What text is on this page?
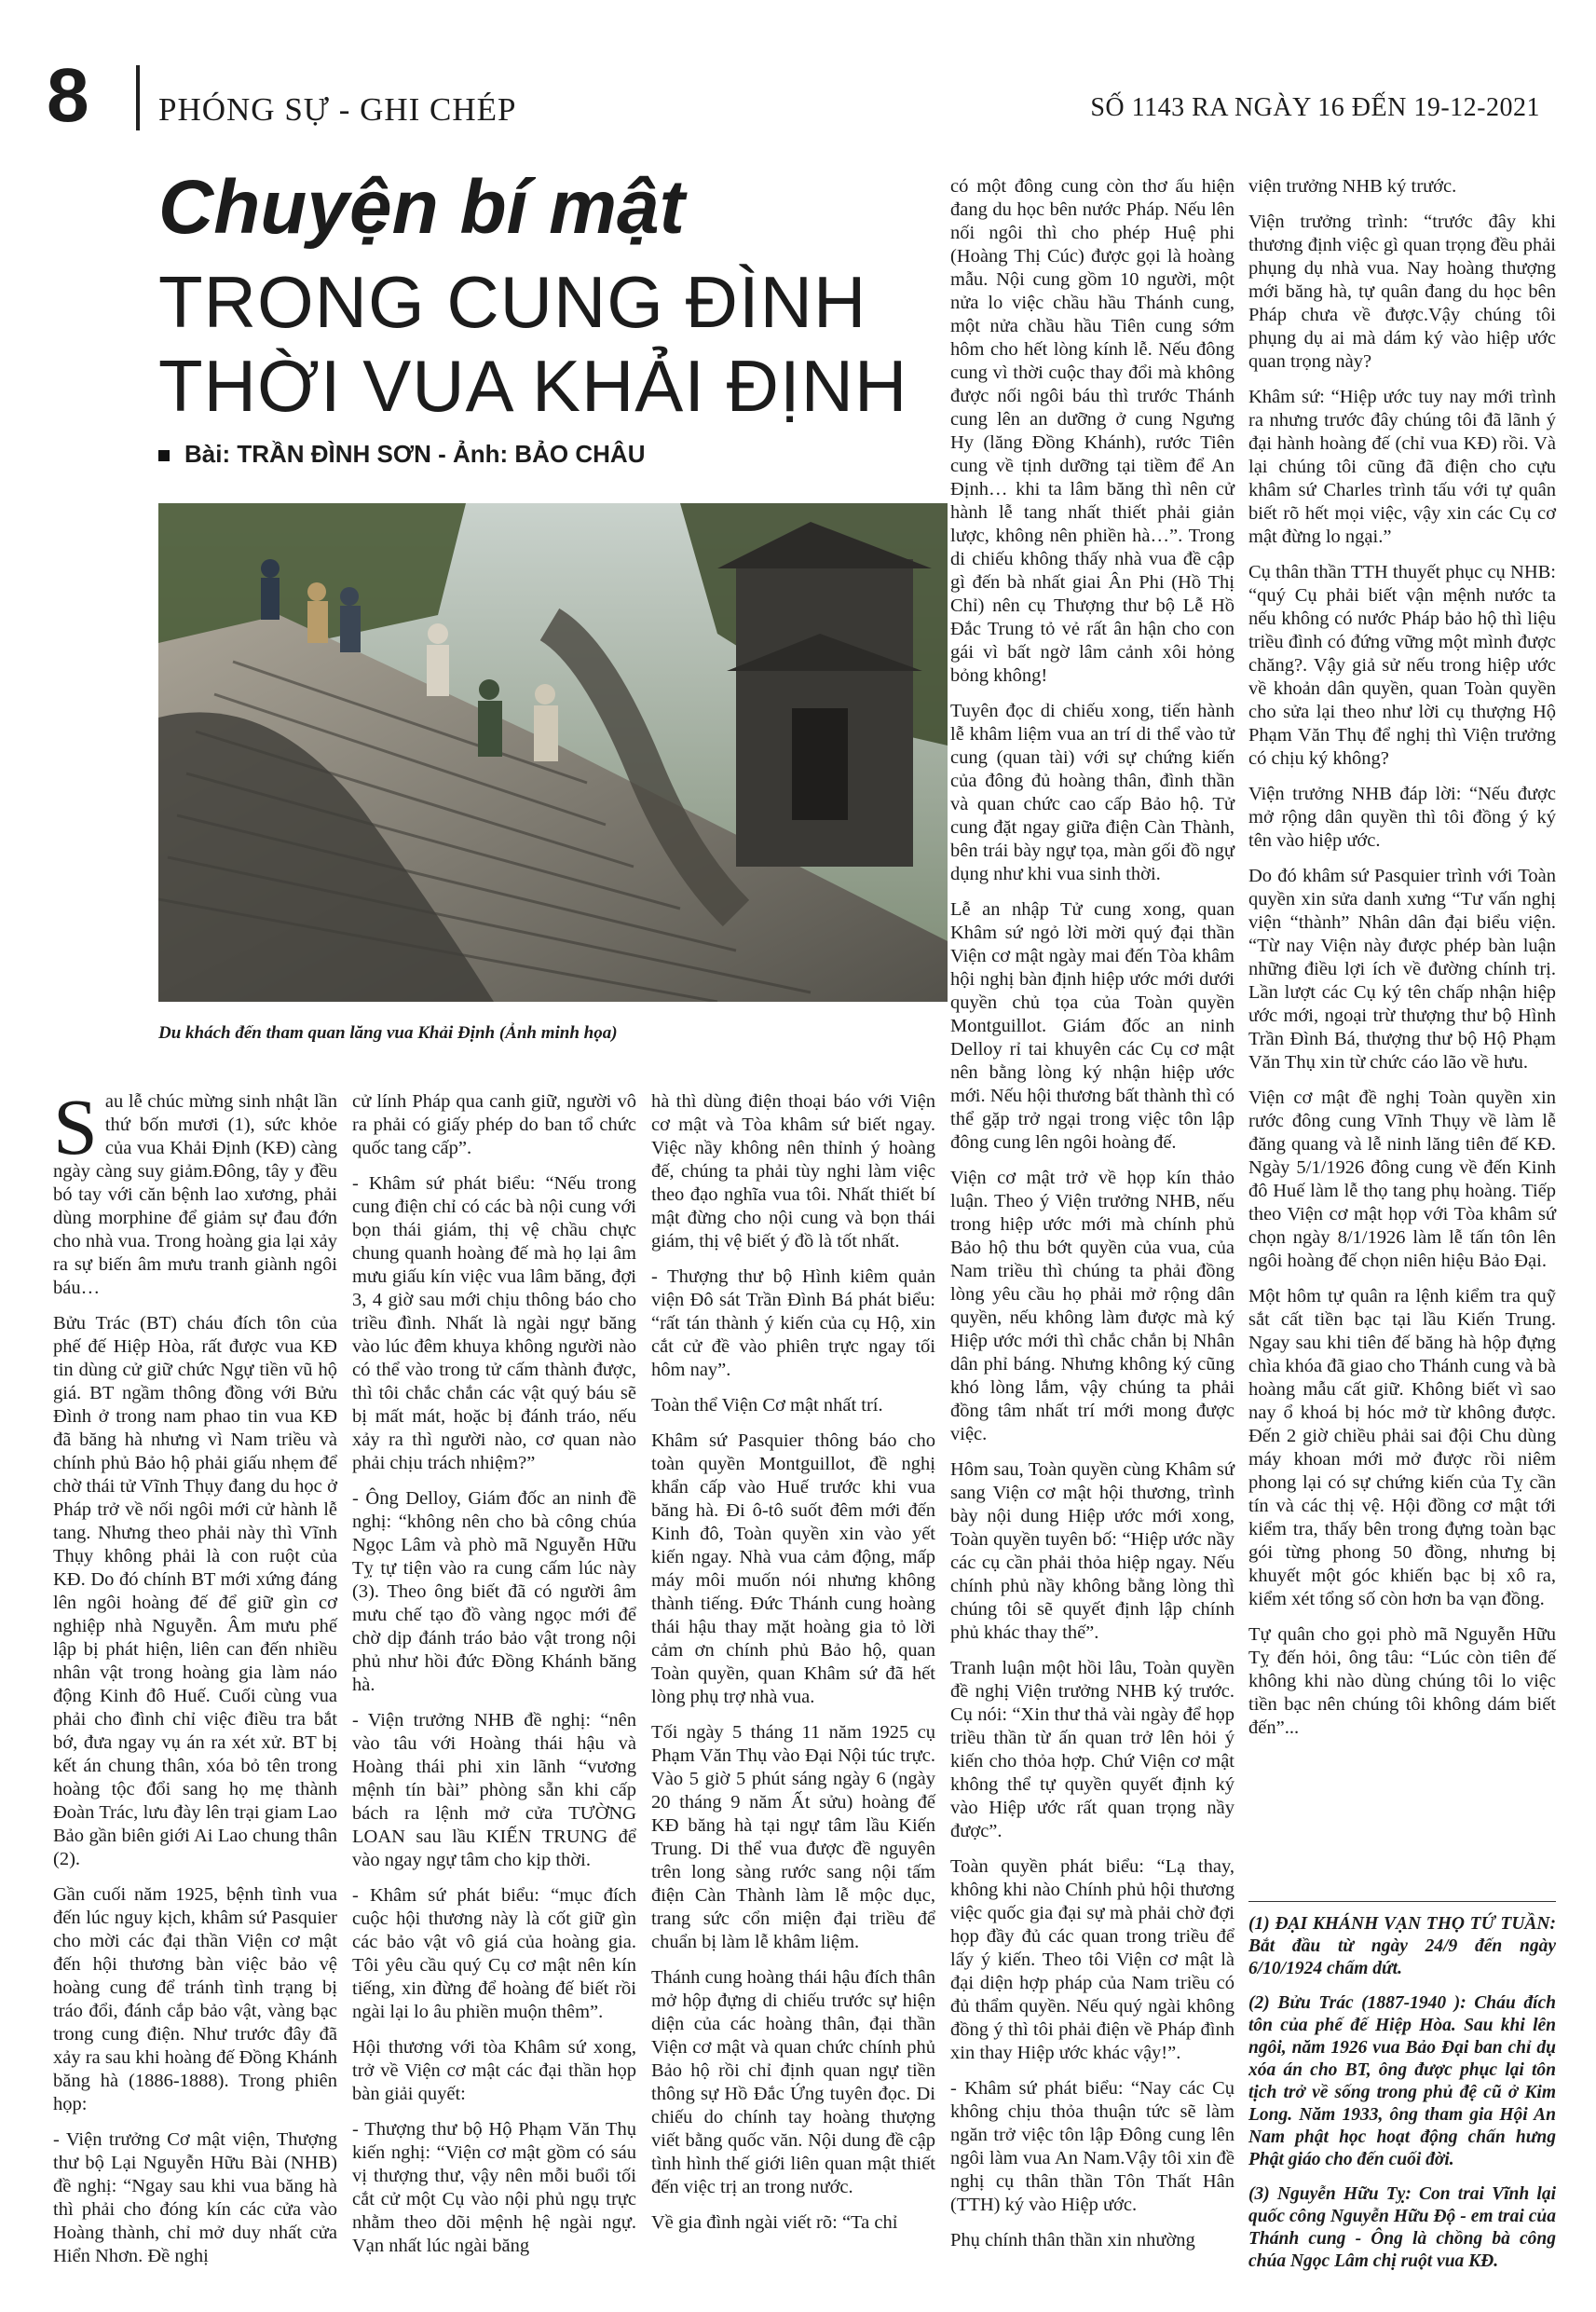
8 PHÓNG SỰ - GHI CHÉP	SỐ 1143 RA NGÀY 16 ĐẾN 19-12-2021
Chuyện bí mật
TRONG CUNG ĐÌNH
THỜI VUA KHẢI ĐỊNH
Bài: TRẦN ĐÌNH SƠN - Ảnh: BẢO CHÂU
Du khách đến tham quan lăng vua Khải Định (Ảnh minh họa)

Sau lễ chúc mừng sinh nhật lần thứ bốn mươi (1), sức khỏe của vua Khải Định (KĐ) càng ngày càng suy giảm.Đông, tây y đều bó tay với căn bệnh lao xương, phải dùng morphine để giảm sự đau đớn cho nhà vua. Trong hoàng gia lại xảy ra sự biến âm mưu tranh giành ngôi báu…

Bửu Trác (BT) cháu đích tôn của phế đế Hiệp Hòa, rất được vua KĐ tin dùng cử giữ chức Ngự tiền vũ hộ giá. BT ngầm thông đồng với Bửu Đình ở trong nam phao tin vua KĐ đã băng hà nhưng vì Nam triều và chính phủ Bảo hộ phải giấu nhẹm để chờ thái tử Vĩnh Thụy đang du học ở Pháp trở về nối ngôi mới cử hành lễ tang. Nhưng theo phải này thì Vĩnh Thụy không phải là con ruột của KĐ. Do đó chính BT mới xứng đáng lên ngôi hoàng đế để giữ gìn cơ nghiệp nhà Nguyễn. Âm mưu phế lập bị phát hiện, liên can đến nhiều nhân vật trong hoàng gia làm náo động Kinh đô Huế. Cuối cùng vua phải cho đình chỉ việc điều tra bắt bớ, đưa ngay vụ án ra xét xử. BT bị kết án chung thân, xóa bỏ tên trong hoàng tộc đổi sang họ mẹ thành Đoàn Trác, lưu đày lên trại giam Lao Bảo gần biên giới Ai Lao chung thân (2).

Gần cuối năm 1925, bệnh tình vua đến lúc nguy kịch, khâm sứ Pasquier cho mời các đại thần Viện cơ mật đến hội thương bàn việc bảo vệ hoàng cung để tránh tình trạng bị tráo đổi, đánh cắp bảo vật, vàng bạc trong cung điện. Như trước đây đã xảy ra sau khi hoàng đế Đồng Khánh băng hà (1886-1888). Trong phiên họp:

- Viện trưởng Cơ mật viện, Thượng thư bộ Lại Nguyễn Hữu Bài (NHB) đề nghị: “Ngay sau khi vua băng hà thì phải cho đóng kín các cửa vào Hoàng thành, chỉ mở duy nhất cửa Hiển Nhơn. Đề nghị

cử lính Pháp qua canh giữ, người vô ra phải có giấy phép do ban tổ chức quốc tang cấp”.

- Khâm sứ phát biểu: “Nếu trong cung điện chỉ có các bà nội cung với bọn thái giám, thị vệ chầu chực chung quanh hoàng đế mà họ lại âm mưu giấu kín việc vua lâm băng, đợi 3, 4 giờ sau mới chịu thông báo cho triều đình. Nhất là ngài ngự băng vào lúc đêm khuya không người nào có thể vào trong tử cấm thành được, thì tôi chắc chắn các vật quý báu sẽ bị mất mát, hoặc bị đánh tráo, nếu xảy ra thì người nào, cơ quan nào phải chịu trách nhiệm?”

- Ông Delloy, Giám đốc an ninh đề nghị: “không nên cho bà công chúa Ngọc Lâm và phò mã Nguyễn Hữu Tỵ tự tiện vào ra cung cấm lúc này (3). Theo ông biết đã có người âm mưu chế tạo đồ vàng ngọc mới để chờ dịp đánh tráo bảo vật trong nội phủ như hồi đức Đồng Khánh băng hà.

- Viện trưởng NHB đề nghị: “nên vào tâu với Hoàng thái hậu và Hoàng thái phi xin lãnh “vương mệnh tín bài” phòng sẵn khi cấp bách ra lệnh mở cửa TƯỜNG LOAN sau lầu KIẾN TRUNG để vào ngay ngự tâm cho kịp thời.

- Khâm sứ phát biểu: “mục đích cuộc hội thương này là cốt giữ gìn các bảo vật vô giá của hoàng gia. Tôi yêu cầu quý Cụ cơ mật nên kín tiếng, xin đừng để hoàng đế biết rồi ngài lại lo âu phiền muộn thêm”.

Hội thương với tòa Khâm sứ xong, trở về Viện cơ mật các đại thần họp bàn giải quyết:

- Thượng thư bộ Hộ Phạm Văn Thụ kiến nghị: “Viện cơ mật gồm có sáu vị thượng thư, vậy nên mỗi buổi tối cắt cử một Cụ vào nội phủ ngụ trực nhằm theo dõi mệnh hệ ngài ngự. Vạn nhất lúc ngài băng

hà thì dùng điện thoại báo với Viện cơ mật và Tòa khâm sứ biết ngay. Việc nầy không nên thỉnh ý hoàng đế, chúng ta phải tùy nghi làm việc theo đạo nghĩa vua tôi. Nhất thiết bí mật đừng cho nội cung và bọn thái giám, thị vệ biết ý đồ là tốt nhất.

- Thượng thư bộ Hình kiêm quản viện Đô sát Trần Đình Bá phát biểu: “rất tán thành ý kiến của cụ Hộ, xin cắt cử đề vào phiên trực ngay tối hôm nay”.

Toàn thể Viện Cơ mật nhất trí.

Khâm sứ Pasquier thông báo cho toàn quyền Montguillot, đề nghị khẩn cấp vào Huế trước khi vua băng hà. Đi ô-tô suốt đêm mới đến Kinh đô, Toàn quyền xin vào yết kiến ngay. Nhà vua cảm động, mấp máy môi muốn nói nhưng không thành tiếng. Đức Thánh cung hoàng thái hậu thay mặt hoàng gia tỏ lời cảm ơn chính phủ Bảo hộ, quan Toàn quyền, quan Khâm sứ đã hết lòng phụ trợ nhà vua.

Tối ngày 5 tháng 11 năm 1925 cụ Phạm Văn Thụ vào Đại Nội túc trực. Vào 5 giờ 5 phút sáng ngày 6 (ngày 20 tháng 9 năm Ất sửu) hoàng đế KĐ băng hà tại ngự tâm lầu Kiến Trung. Di thể vua được đề nguyên trên long sàng rước sang nội tấm điện Càn Thành làm lễ mộc dục, trang sức cổn miện đại triều để chuẩn bị làm lễ khâm liệm.

Thánh cung hoàng thái hậu đích thân mở hộp đựng di chiếu trước sự hiện diện của các hoàng thân, đại thần Viện cơ mật và quan chức chính phủ Bảo hộ rồi chỉ định quan ngự tiền thông sự Hồ Đắc Ứng tuyên đọc. Di chiếu do chính tay hoàng thượng viết bằng quốc văn. Nội dung đề cập tình hình thế giới liên quan mật thiết đến việc trị an trong nước.

Về gia đình ngài viết rõ: “Ta chỉ

có một đông cung còn thơ ấu hiện đang du học bên nước Pháp. Nếu lên nối ngôi thì cho phép Huệ phi (Hoàng Thị Cúc) được gọi là hoàng mẫu. Nội cung gồm 10 người, một nửa lo việc chầu hầu Thánh cung, một nửa chầu hầu Tiên cung sớm hôm cho hết lòng kính lễ. Nếu đông cung vì thời cuộc thay đổi mà không được nối ngôi báu thì trước Thánh cung lên an dưỡng ở cung Ngưng Hy (lăng Đồng Khánh), rước Tiên cung về tịnh dưỡng tại tiềm để An Định… khi ta lâm băng thì nên cử hành lễ tang nhất thiết phải giản lược, không nên phiền hà…”. Trong di chiếu không thấy nhà vua đề cập gì đến bà nhất giai Ân Phi (Hồ Thị Chỉ) nên cụ Thượng thư bộ Lễ Hồ Đắc Trung tỏ vẻ rất ân hận cho con gái vì bất ngờ lâm cảnh xôi hỏng bỏng không!

Tuyên đọc di chiếu xong, tiến hành lễ khâm liệm vua an trí di thể vào tử cung (quan tài) với sự chứng kiến của đông đủ hoàng thân, đình thần và quan chức cao cấp Bảo hộ. Tử cung đặt ngay giữa điện Càn Thành, bên trái bày ngự tọa, màn gối đồ ngự dụng như khi vua sinh thời.

Lễ an nhập Tử cung xong, quan Khâm sứ ngỏ lời mời quý đại thần Viện cơ mật ngày mai đến Tòa khâm hội nghị bàn định hiệp ước mới dưới quyền chủ tọa của Toàn quyền Montguillot. Giám đốc an ninh Delloy rỉ tai khuyên các Cụ cơ mật nên bằng lòng ký nhận hiệp ước mới. Nếu hội thương bất thành thì có thể gặp trở ngại trong việc tôn lập đông cung lên ngôi hoàng đế.

Viện cơ mật trở về họp kín thảo luận. Theo ý Viện trưởng NHB, nếu trong hiệp ước mới mà chính phủ Bảo hộ thu bớt quyền của vua, của Nam triều thì chúng ta phải đồng lòng yêu cầu họ phải mở rộng dân quyền, nếu không làm được mà ký Hiệp ước mới thì chắc chắn bị Nhân dân phỉ báng. Nhưng không ký cũng khó lòng lắm, vậy chúng ta phải đồng tâm nhất trí mới mong được việc.

Hôm sau, Toàn quyền cùng Khâm sứ sang Viện cơ mật hội thương, trình bày nội dung Hiệp ước mới xong, Toàn quyền tuyên bố: “Hiệp ước nầy các cụ cần phải thỏa hiệp ngay. Nếu chính phủ nầy không bằng lòng thì chúng tôi sẽ quyết định lập chính phủ khác thay thế”.

Tranh luận một hồi lâu, Toàn quyền đề nghị Viện trưởng NHB ký trước. Cụ nói: “Xin thư thả vài ngày để họp triều thần từ ấn quan trở lên hỏi ý kiến cho thỏa hợp. Chứ Viện cơ mật không thể tự quyền quyết định ký vào Hiệp ước rất quan trọng nầy được”.

Toàn quyền phát biểu: “Lạ thay, không khi nào Chính phủ hội thương việc quốc gia đại sự mà phải chờ đợi họp đầy đủ các quan trong triều để lấy ý kiến. Theo tôi Viện cơ mật là đại diện hợp pháp của Nam triều có đủ thẩm quyền. Nếu quý ngài không đồng ý thì tôi phải điện về Pháp đình xin thay Hiệp ước khác vậy!”.

- Khâm sứ phát biểu: “Nay các Cụ không chịu thỏa thuận tức sẽ làm ngăn trở việc tôn lập Đông cung lên ngôi làm vua An Nam.Vậy tôi xin đề nghị cụ thân thần Tôn Thất Hân (TTH) ký vào Hiệp ước.

Phụ chính thân thần xin nhường

viện trưởng NHB ký trước.

Viện trưởng trình: “trước đây khi thương định việc gì quan trọng đều phải phụng dụ nhà vua. Nay hoàng thượng mới băng hà, tự quân đang du học bên Pháp chưa về được.Vậy chúng tôi phụng dụ ai mà dám ký vào hiệp ước quan trọng này?

Khâm sứ: “Hiệp ước tuy nay mới trình ra nhưng trước đây chúng tôi đã lãnh ý đại hành hoàng đế (chỉ vua KĐ) rồi. Và lại chúng tôi cũng đã điện cho cựu khâm sứ Charles trình tấu với tự quân biết rõ hết mọi việc, vậy xin các Cụ cơ mật đừng lo ngại.”

Cụ thân thần TTH thuyết phục cụ NHB: “quý Cụ phải biết vận mệnh nước ta nếu không có nước Pháp bảo hộ thì liệu triều đình có đứng vững một mình được chăng?. Vậy giả sử nếu trong hiệp ước về khoản dân quyền, quan Toàn quyền cho sửa lại theo như lời cụ thượng Hộ Phạm Văn Thụ để nghị thì Viện trưởng có chịu ký không?

Viện trưởng NHB đáp lời: “Nếu được mở rộng dân quyền thì tôi đồng ý ký tên vào hiệp ước.

Do đó khâm sứ Pasquier trình với Toàn quyền xin sửa danh xưng “Tư vấn nghị viện “thành” Nhân dân đại biểu viện. “Từ nay Viện này được phép bàn luận những điều lợi ích về đường chính trị. Lần lượt các Cụ ký tên chấp nhận hiệp ước mới, ngoại trừ thượng thư bộ Hình Trần Đình Bá, thượng thư bộ Hộ Phạm Văn Thụ xin từ chức cáo lão về hưu.

Viện cơ mật đề nghị Toàn quyền xin rước đông cung Vĩnh Thụy về làm lễ đăng quang và lễ ninh lăng tiên đế KĐ. Ngày 5/1/1926 đông cung về đến Kinh đô Huế làm lễ thọ tang phụ hoàng. Tiếp theo Viện cơ mật họp với Tòa khâm sứ chọn ngày 8/1/1926 làm lễ tấn tôn lên ngôi hoàng đế chọn niên hiệu Bảo Đại.

Một hôm tự quân ra lệnh kiểm tra quỹ sắt cất tiền bạc tại lầu Kiến Trung. Ngay sau khi tiên đế băng hà hộp đựng chìa khóa đã giao cho Thánh cung và bà hoàng mẫu cất giữ. Không biết vì sao nay ổ khoá bị hóc mở từ không được. Đến 2 giờ chiều phải sai đội Chu dùng máy khoan mới mở được rồi niêm phong lại có sự chứng kiến của Tỵ cần tín và các thị vệ. Hội đồng cơ mật tới kiểm tra, thấy bên trong đựng toàn bạc gói từng phong 50 đồng, nhưng bị khuyết một góc khiến bạc bị xô ra, kiểm xét tổng số còn hơn ba vạn đồng.

Tự quân cho gọi phò mã Nguyễn Hữu Tỵ đến hỏi, ông tâu: “Lúc còn tiên đế không khi nào dùng chúng tôi lo việc tiền bạc nên chúng tôi không dám biết đến”...

(1) ĐẠI KHÁNH VẠN THỌ TỨ TUẦN: Bắt đầu từ ngày 24/9 đến ngày 6/10/1924 chấm dứt.

(2) Bửu Trác (1887-1940 ): Cháu đích tôn của phế đế Hiệp Hòa. Sau khi lên ngôi, năm 1926 vua Bảo Đại ban chỉ dụ xóa án cho BT, ông được phục lại tôn tịch trở về sống trong phủ đệ cũ ở Kim Long. Năm 1933, ông tham gia Hội An Nam phật học hoạt động chấn hưng Phật giáo cho đến cuối đời.

(3) Nguyễn Hữu Tỵ: Con trai Vĩnh lại quốc công Nguyễn Hữu Độ - em trai của Thánh cung - Ông là chồng bà công chúa Ngọc Lâm chị ruột vua KĐ.
